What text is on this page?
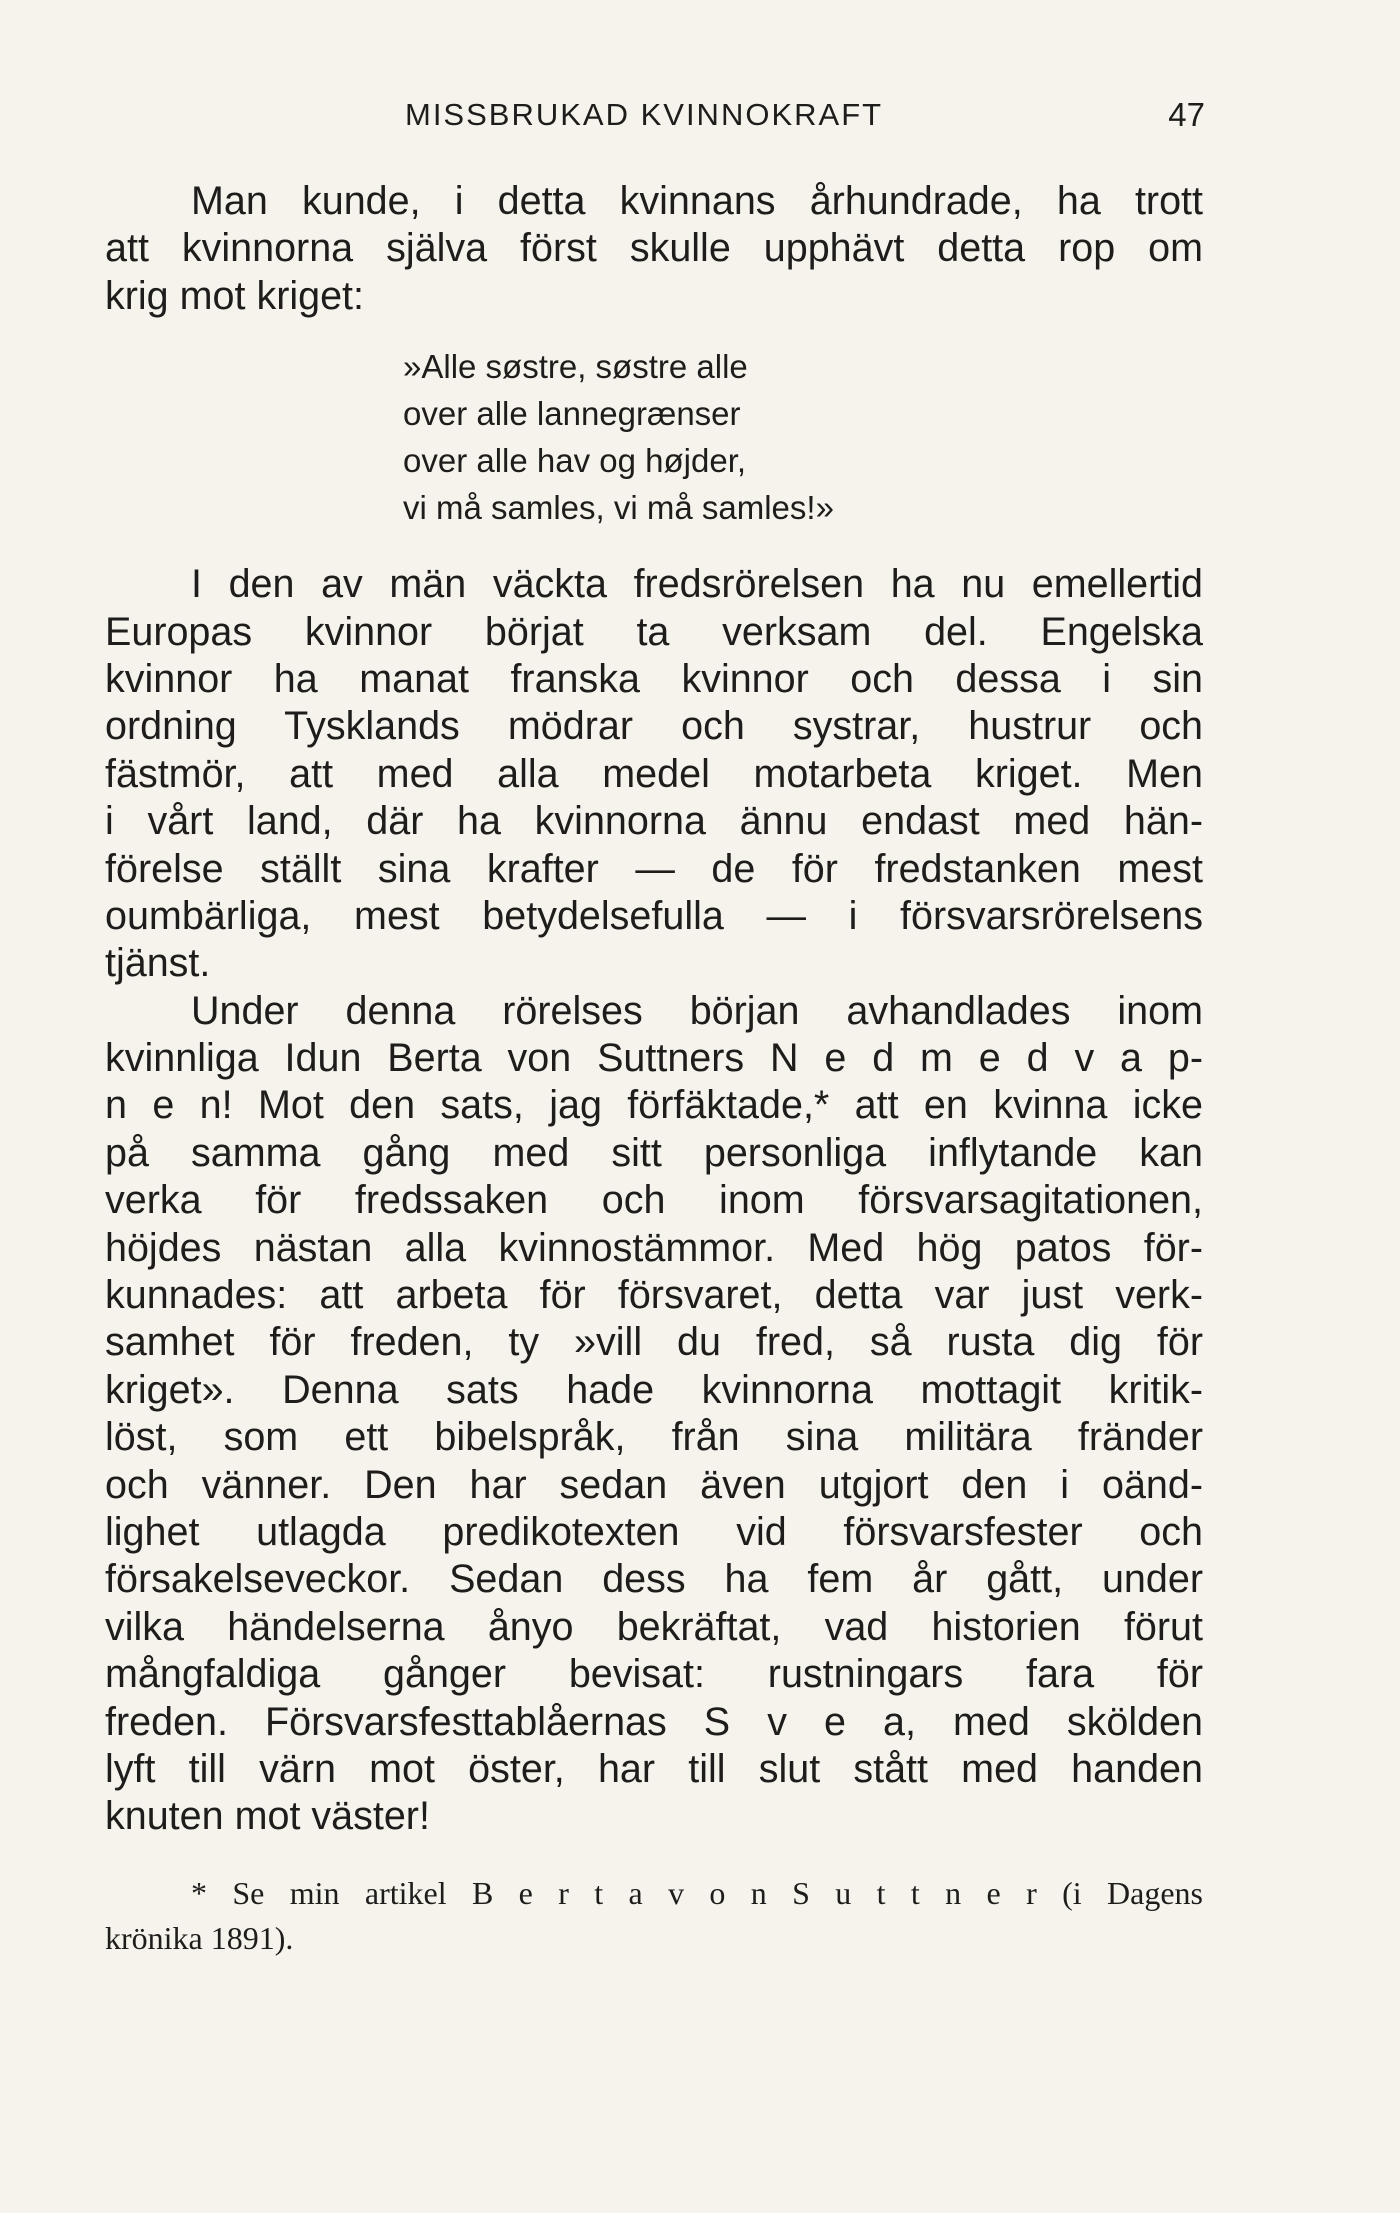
MISSBRUKAD KVINNOKRAFT	47
Man kunde, i detta kvinnans århundrade, ha trott
att kvinnorna själva först skulle upphävt detta rop om
krig mot kriget:
»Alle søstre, søstre alle
over alle lannegrænser
over alle hav og højder,
vi må samles, vi må samles!»
I den av män väckta fredsrörelsen ha nu emellertid
Europas kvinnor börjat ta verksam del. Engelska
kvinnor ha manat franska kvinnor och dessa i sin
ordning Tysklands mödrar och systrar, hustrur och
fästmör, att med alla medel motarbeta kriget. Men
i vårt land, där ha kvinnorna ännu endast med hän-
förelse ställt sina krafter — de för fredstanken mest
oumbärliga, mest betydelsefulla — i försvarsrörelsens
tjänst.
Under denna rörelses början avhandlades inom
kvinnliga Idun Berta von Suttners N e d m e d v a p-
n e n! Mot den sats, jag förfäktade,* att en kvinna icke
på samma gång med sitt personliga inflytande kan
verka för fredssaken och inom försvarsagitationen,
höjdes nästan alla kvinnostämmor. Med hög patos för-
kunnades: att arbeta för försvaret, detta var just verk-
samhet för freden, ty »vill du fred, så rusta dig för
kriget». Denna sats hade kvinnorna mottagit kritik-
löst, som ett bibelspråk, från sina militära fränder
och vänner. Den har sedan även utgjort den i oänd-
lighet utlagda predikotexten vid försvarsfester och
försakelseveckor. Sedan dess ha fem år gått, under
vilka händelserna ånyo bekräftat, vad historien förut
mångfaldiga gånger bevisat: rustningars fara för
freden. Försvarsfesttablåernas S v e a, med skölden
lyft till värn mot öster, har till slut stått med handen
knuten mot väster!
* Se min artikel B e r t a v o n S u t t n e r (i Dagens
krönika 1891).
